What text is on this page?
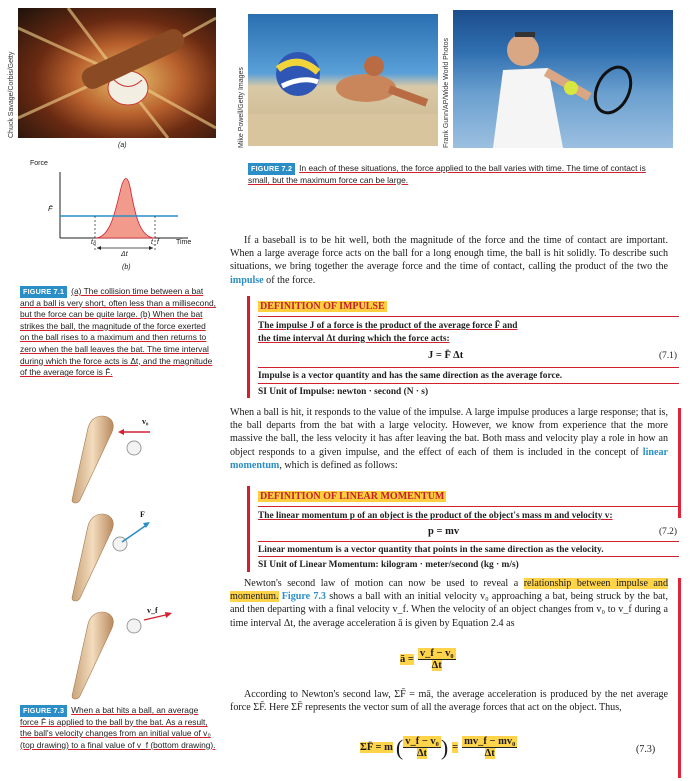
Chuck Savage/Corbis/Getty
(a)	Mike Powell/Getty Images	Frank Gunn/AP/Wide World Photos
Force
F̄
t₀	t_f Time
Δt
(b)
FIGURE 7.1 (a) The collision time between a bat and a ball is very short, often less than a millisecond, but the force can be quite large. (b) When the bat strikes the ball, the magnitude of the force exerted on the ball rises to a maximum and then returns to zero when the ball leaves the bat. The time interval during which the force acts is Δt, and the magnitude of the average force is F̄.
FIGURE 7.2 In each of these situations, the force applied to the ball varies with time. The time of contact is small, but the maximum force can be large.
v₀
F
v_f
FIGURE 7.3 When a bat hits a ball, an average force F̄ is applied to the ball by the bat. As a result, the ball's velocity changes from an initial value of v₀ (top drawing) to a final value of v_f (bottom drawing).
If a baseball is to be hit well, both the magnitude of the force and the time of contact are important. When a large average force acts on the ball for a long enough time, the ball is hit solidly. To describe such situations, we bring together the average force and the time of contact, calling the product of the two the impulse of the force.
DEFINITION OF IMPULSE
The impulse J of a force is the product of the average force F̄ and the time interval Δt during which the force acts:
J = F̄ Δt	(7.1)
Impulse is a vector quantity and has the same direction as the average force.
SI Unit of Impulse: newton · second (N · s)
When a ball is hit, it responds to the value of the impulse. A large impulse produces a large response; that is, the ball departs from the bat with a large velocity. However, we know from experience that the more massive the ball, the less velocity it has after leaving the bat. Both mass and velocity play a role in how an object responds to a given impulse, and the effect of each of them is included in the concept of linear momentum, which is defined as follows:
DEFINITION OF LINEAR MOMENTUM
The linear momentum p of an object is the product of the object's mass m and velocity v:
p = mv	(7.2)
Linear momentum is a vector quantity that points in the same direction as the velocity.
SI Unit of Linear Momentum: kilogram · meter/second (kg · m/s)
Newton's second law of motion can now be used to reveal a relationship between impulse and momentum. Figure 7.3 shows a ball with an initial velocity v₀ approaching a bat, being struck by the bat, and then departing with a final velocity v_f. When the velocity of an object changes from v₀ to v_f during a time interval Δt, the average acceleration ā is given by Equation 2.4 as
ā = $\frac{\text{v\_f − v₀}}{\Delta t}$
According to Newton's second law, ΣF̄ = mā, the average acceleration is produced by the net average force ΣF̄. Here ΣF̄ represents the vector sum of all the average forces that act on the object. Thus,
ΣF̄ = m ( v_f − v₀
Δt ) = $\frac{\text{mv\_f − mv₀}}{\Delta t}$	(7.3)
